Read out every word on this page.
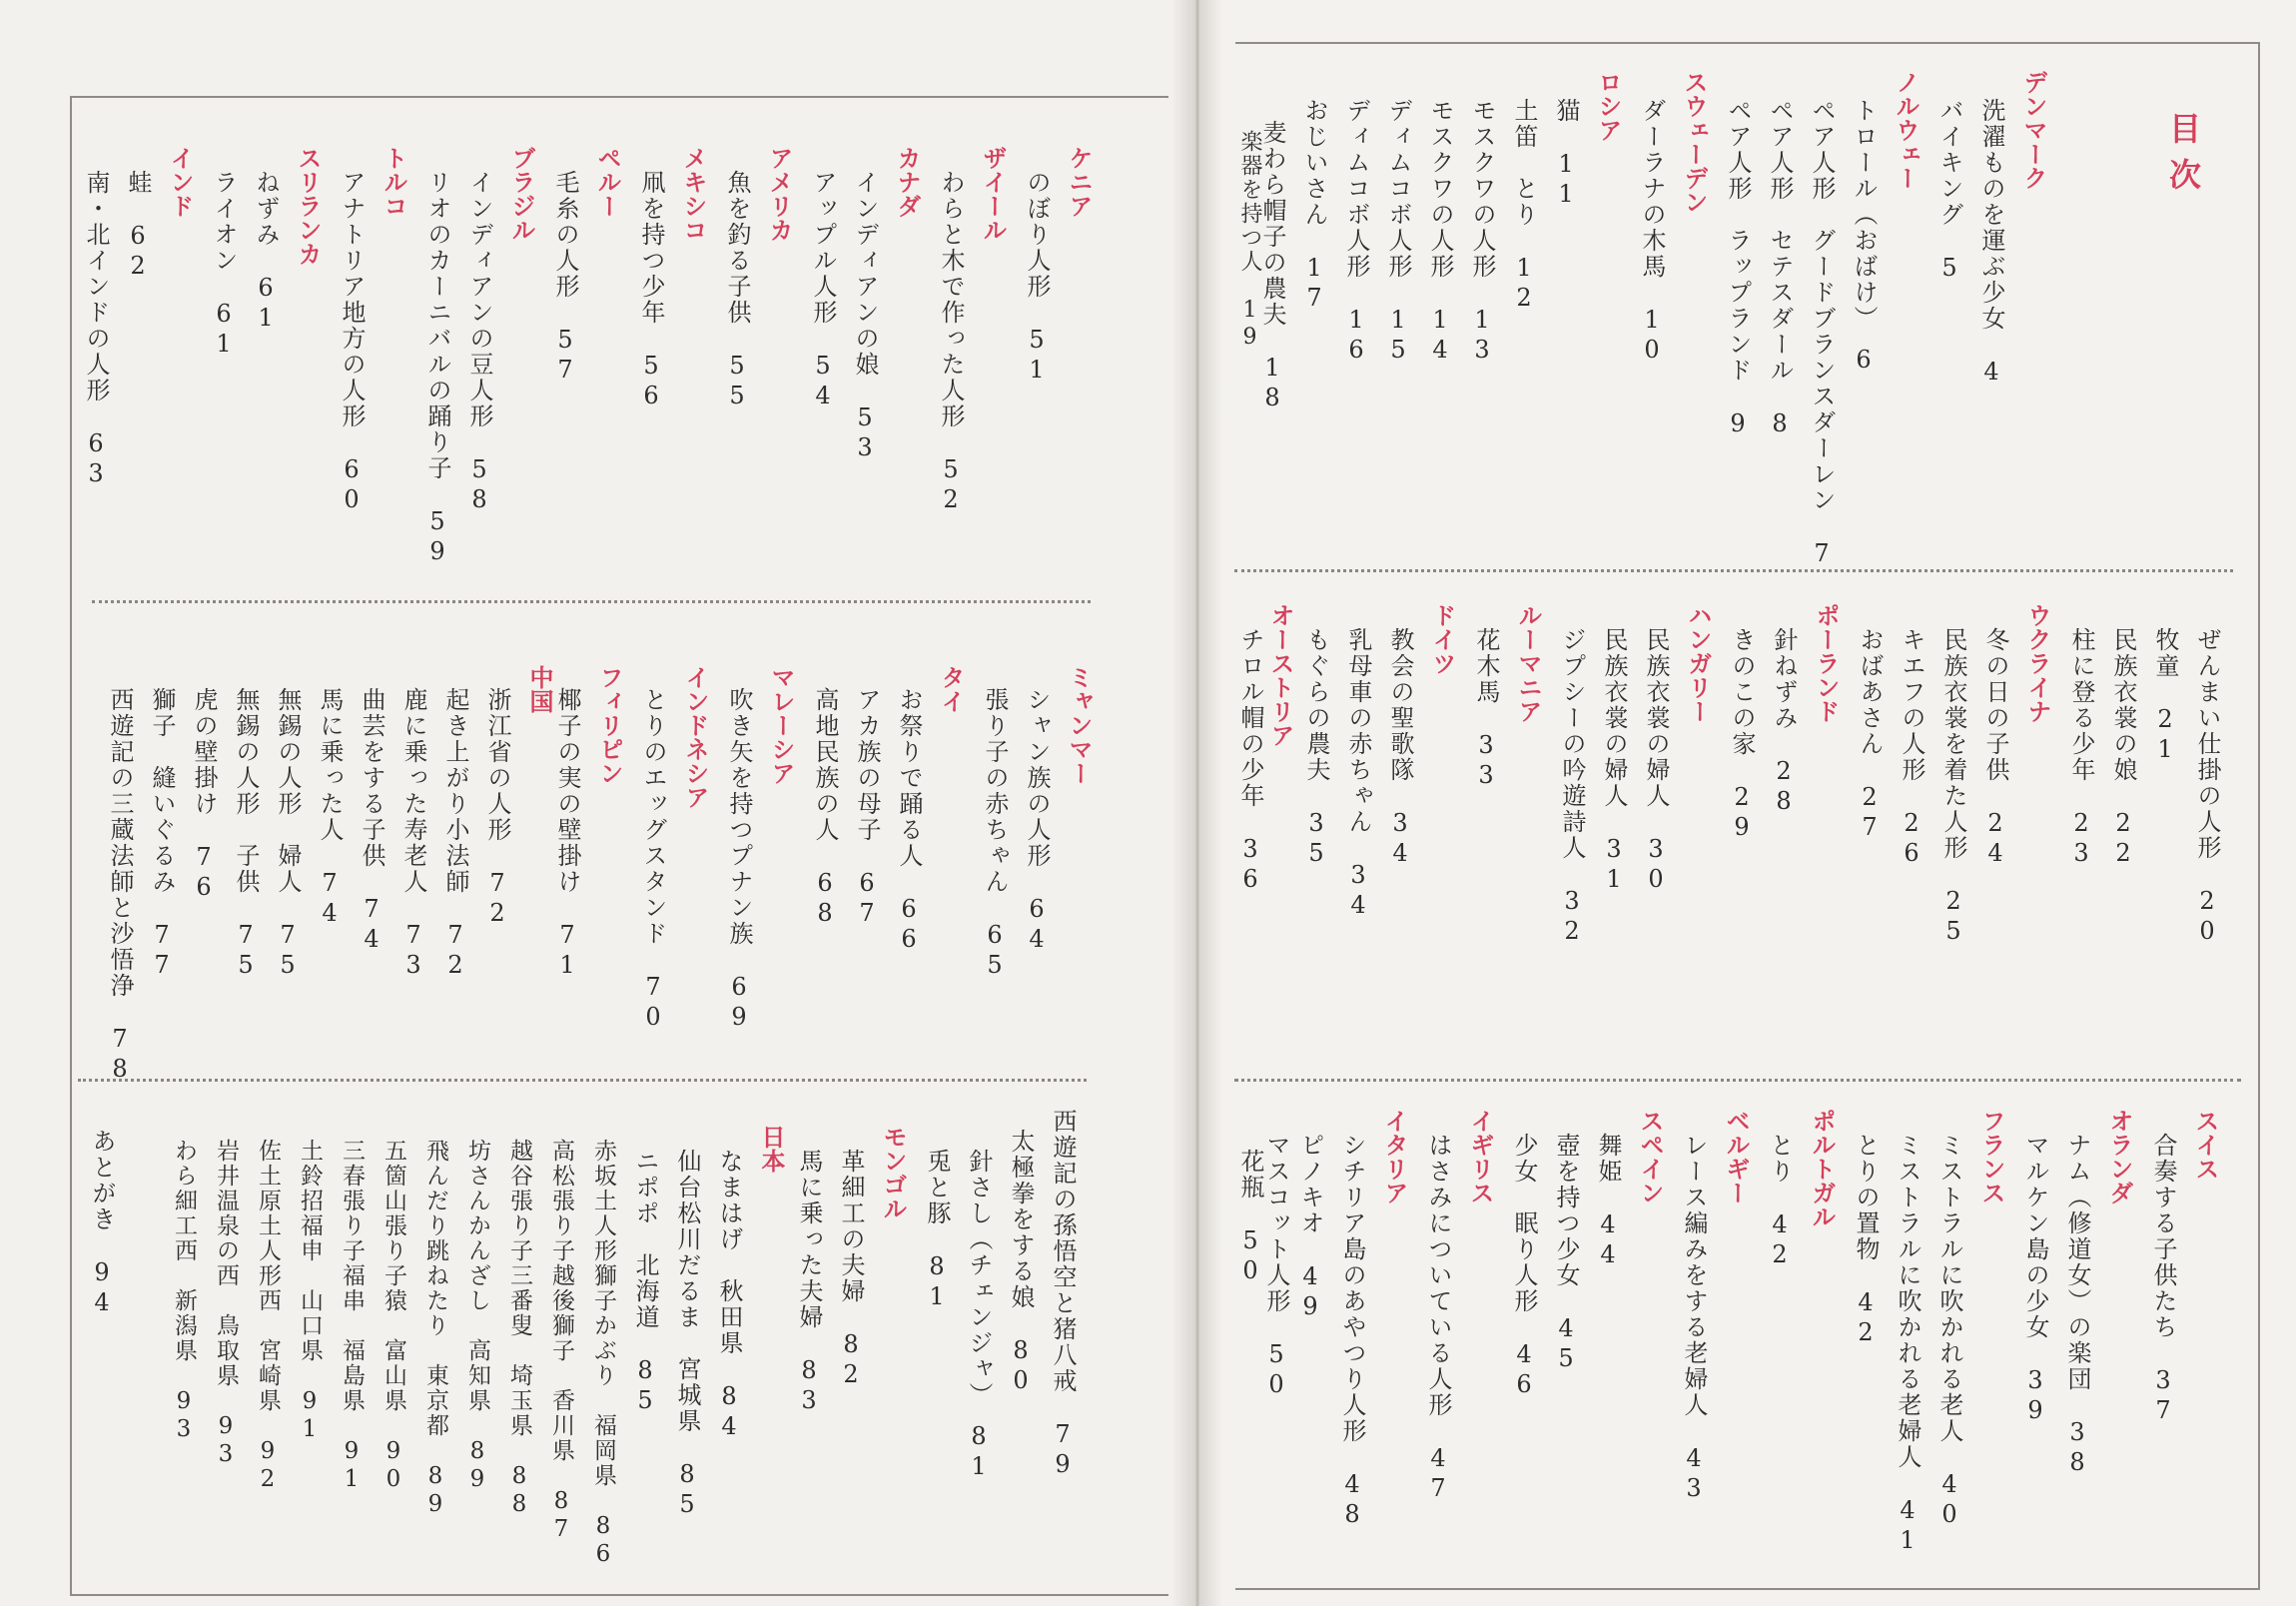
目次
デンマーク
洗濯ものを運ぶ少女　4
バイキング　5
ノルウェー
トロール（おばけ）　6
ペア人形　グードブランスダーレン　7
ペア人形　セテスダール　8
ペア人形　ラップランド　9
スウェーデン
ダーラナの木馬　10
ロシア
猫　11
土笛　とり　12
モスクワの人形　13
モスクワの人形　14
ディムコボ人形　15
ディムコボ人形　16
おじいさん　17
麦わら帽子の農夫　18
楽器を持つ人　19
ぜんまい仕掛の人形　20
牧童　21
民族衣裳の娘　22
柱に登る少年　23
ウクライナ
冬の日の子供　24
民族衣裳を着た人形　25
キエフの人形　26
おばあさん　27
ポーランド
針ねずみ　28
きのこの家　29
ハンガリー
民族衣裳の婦人　30
民族衣裳の婦人　31
ジプシーの吟遊詩人　32
ルーマニア
花木馬　33
ドイツ
教会の聖歌隊　34
乳母車の赤ちゃん　34
もぐらの農夫　35
オーストリア
チロル帽の少年　36
スイス
合奏する子供たち　37
オランダ
ナム（修道女）の楽団　38
マルケン島の少女　39
フランス
ミストラルに吹かれる老人　40
ミストラルに吹かれる老婦人　41
とりの置物　42
ポルトガル
とり　42
ベルギー
レース編みをする老婦人　43
スペイン
舞姫　44
壺を持つ少女　45
少女　眠り人形　46
イギリス
はさみについている人形　47
イタリア
シチリア島のあやつり人形　48
ピノキオ　49
マスコット人形　50
花瓶　50
ケニア
のぼり人形　51
ザイール
わらと木で作った人形　52
カナダ
インディアンの娘　53
アップル人形　54
アメリカ
魚を釣る子供　55
メキシコ
凧を持つ少年　56
ペルー
毛糸の人形　57
ブラジル
インディアンの豆人形　58
リオのカーニバルの踊り子　59
トルコ
アナトリア地方の人形　60
スリランカ
ねずみ　61
ライオン　61
インド
蛙　62
南・北インドの人形　63
ミャンマー
シャン族の人形　64
張り子の赤ちゃん　65
タイ
お祭りで踊る人　66
アカ族の母子　67
高地民族の人　68
マレーシア
吹き矢を持つプナン族　69
インドネシア
とりのエッグスタンド　70
フィリピン
椰子の実の壁掛け　71
中国
浙江省の人形　72
起き上がり小法師　72
鹿に乗った寿老人　73
曲芸をする子供　74
馬に乗った人　74
無錫の人形　婦人　75
無錫の人形　子供　75
虎の壁掛け　76
獅子　縫いぐるみ　77
西遊記の三蔵法師と沙悟浄　78
西遊記の孫悟空と猪八戒　79
太極拳をする娘　80
針さし（チェンジャ）　81
兎と豚　81
モンゴル
革細工の夫婦　82
馬に乗った夫婦　83
日本
なまはげ　秋田県　84
仙台松川だるま　宮城県　85
ニポポ　北海道　85
赤坂土人形獅子かぶり　福岡県　86
高松張り子越後獅子　香川県　87
越谷張り子三番叟　埼玉県　88
坊さんかんざし　高知県　89
飛んだり跳ねたり　東京都　89
五箇山張り子猿　富山県　90
三春張り子福串　福島県　91
土鈴招福申　山口県　91
佐土原土人形西　宮崎県　92
岩井温泉の西　鳥取県　93
わら細工西　新潟県　93
あとがき　94
